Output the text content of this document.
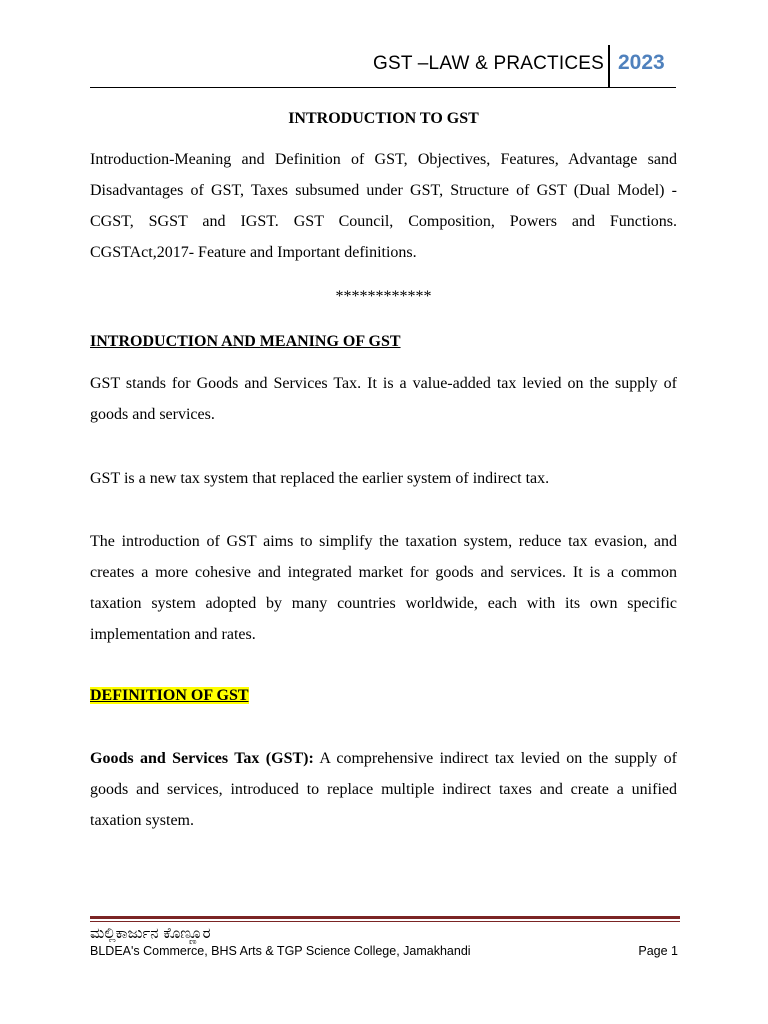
GST –LAW & PRACTICES 2023
INTRODUCTION TO GST
Introduction-Meaning and Definition of GST, Objectives, Features, Advantage sand Disadvantages of GST, Taxes subsumed under GST, Structure of GST (Dual Model) - CGST, SGST and IGST. GST Council, Composition, Powers and Functions. CGSTAct,2017- Feature and Important definitions.
************
INTRODUCTION AND MEANING OF GST
GST stands for Goods and Services Tax. It is a value-added tax levied on the supply of goods and services.
GST is a new tax system that replaced the earlier system of indirect tax.
The introduction of GST aims to simplify the taxation system, reduce tax evasion, and creates a more cohesive and integrated market for goods and services. It is a common taxation system adopted by many countries worldwide, each with its own specific implementation and rates.
DEFINITION OF GST
Goods and Services Tax (GST): A comprehensive indirect tax levied on the supply of goods and services, introduced to replace multiple indirect taxes and create a unified taxation system.
ಮಲ್ಲಿಕಾರ್ಜುನ ಕೊಣ್ಣೂರ
BLDEA's Commerce, BHS Arts & TGP Science College, Jamakhandi	Page 1
